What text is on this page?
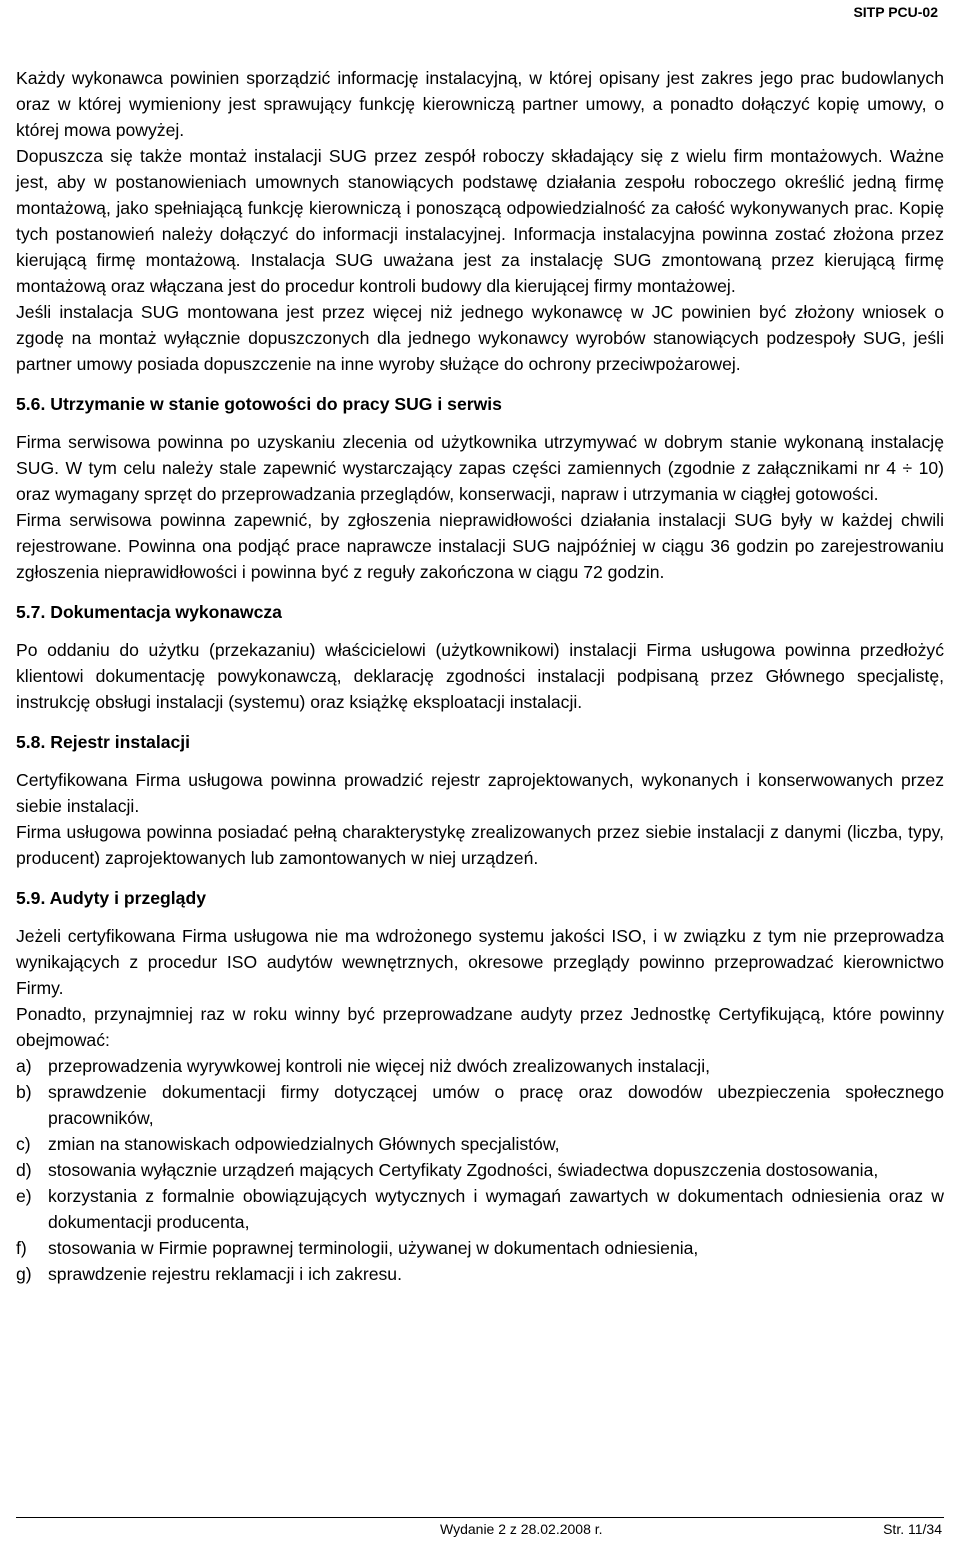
SITP PCU-02

Każdy wykonawca powinien sporządzić informację instalacyjną, w której opisany jest zakres jego prac budowlanych oraz w której wymieniony jest sprawujący funkcję kierowniczą partner umowy, a ponadto dołączyć kopię umowy, o której mowa powyżej.

Dopuszcza się także montaż instalacji SUG przez zespół roboczy składający się z wielu firm montażowych. Ważne jest, aby w postanowieniach umownych stanowiących podstawę działania zespołu roboczego określić jedną firmę montażową, jako spełniającą funkcję kierowniczą i ponoszącą odpowiedzialność za całość wykonywanych prac. Kopię tych postanowień należy dołączyć do informacji instalacyjnej. Informacja instalacyjna powinna zostać złożona przez kierującą firmę montażową. Instalacja SUG uważana jest za instalację SUG zmontowaną przez kierującą firmę montażową oraz włączana jest do procedur kontroli budowy dla kierującej firmy montażowej.

Jeśli instalacja SUG montowana jest przez więcej niż jednego wykonawcę w JC powinien być złożony wniosek o zgodę na montaż wyłącznie dopuszczonych dla jednego wykonawcy wyrobów stanowiących podzespoły SUG, jeśli partner umowy posiada dopuszczenie na inne wyroby służące do ochrony przeciwpożarowej.

5.6. Utrzymanie w stanie gotowości do pracy SUG i serwis

Firma serwisowa powinna po uzyskaniu zlecenia od użytkownika utrzymywać w dobrym stanie wykonaną instalację SUG. W tym celu należy stale zapewnić wystarczający zapas części zamiennych (zgodnie z załącznikami nr 4 ÷ 10) oraz wymagany sprzęt do przeprowadzania przeglądów, konserwacji, napraw i utrzymania w ciągłej gotowości.

Firma serwisowa powinna zapewnić, by zgłoszenia nieprawidłowości działania instalacji SUG były w każdej chwili rejestrowane. Powinna ona podjąć prace naprawcze instalacji SUG najpóźniej w ciągu 36 godzin po zarejestrowaniu zgłoszenia nieprawidłowości i powinna być z reguły zakończona w ciągu 72 godzin.

5.7. Dokumentacja wykonawcza

Po oddaniu do użytku (przekazaniu) właścicielowi (użytkownikowi) instalacji Firma usługowa powinna przedłożyć klientowi dokumentację powykonawczą, deklarację zgodności instalacji podpisaną przez Głównego specjalistę, instrukcję obsługi instalacji (systemu) oraz książkę eksploatacji instalacji.

5.8. Rejestr instalacji

Certyfikowana Firma usługowa powinna prowadzić rejestr zaprojektowanych, wykonanych i konserwowanych przez siebie instalacji.

Firma usługowa powinna posiadać pełną charakterystykę zrealizowanych przez siebie instalacji z danymi (liczba, typy, producent) zaprojektowanych lub zamontowanych w niej urządzeń.

5.9. Audyty i przeglądy

Jeżeli certyfikowana Firma usługowa nie ma wdrożonego systemu jakości ISO, i w związku z tym nie przeprowadza wynikających z procedur ISO audytów wewnętrznych, okresowe przeglądy powinno przeprowadzać kierownictwo Firmy.

Ponadto, przynajmniej raz w roku winny być przeprowadzane audyty przez Jednostkę Certyfikującą, które powinny obejmować:

a) przeprowadzenia wyrywkowej kontroli nie więcej niż dwóch zrealizowanych instalacji,
b) sprawdzenie dokumentacji firmy dotyczącej umów o pracę oraz dowodów ubezpieczenia społecznego pracowników,
c) zmian na stanowiskach odpowiedzialnych Głównych specjalistów,
d) stosowania wyłącznie urządzeń mających Certyfikaty Zgodności, świadectwa dopuszczenia dostosowania,
e) korzystania z formalnie obowiązujących wytycznych i wymagań zawartych w dokumentach odniesienia oraz w dokumentacji producenta,
f) stosowania w Firmie poprawnej terminologii, używanej w dokumentach odniesienia,
g) sprawdzenie rejestru reklamacji i ich zakresu.
Wydanie 2 z 28.02.2008 r.	Str. 11/34
